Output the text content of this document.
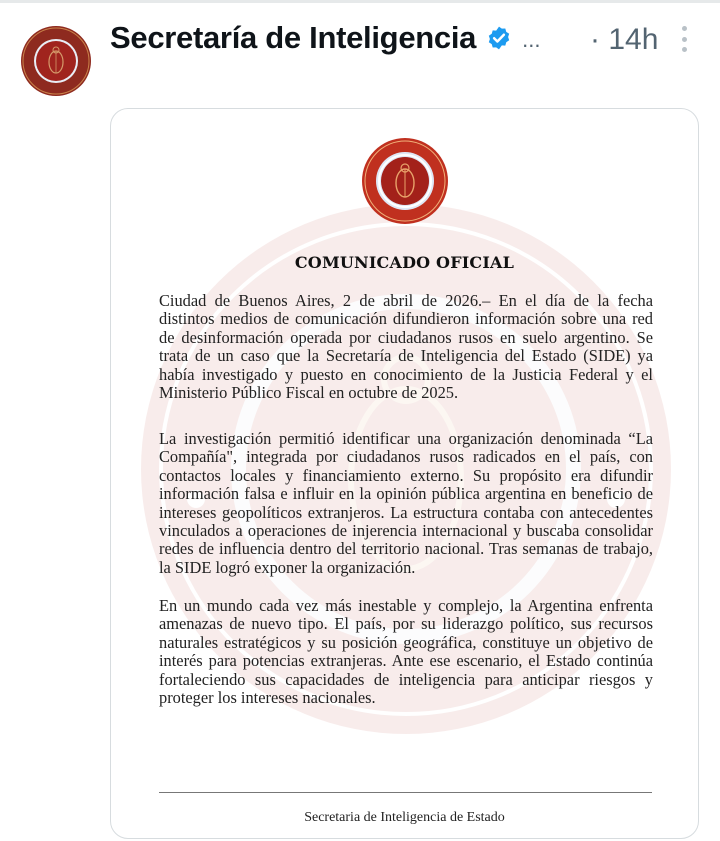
Secretaría de Inteligencia ... · 14h
COMUNICADO OFICIAL

Ciudad de Buenos Aires, 2 de abril de 2026.– En el día de la fecha distintos medios de comunicación difundieron información sobre una red de desinformación operada por ciudadanos rusos en suelo argentino. Se trata de un caso que la Secretaría de Inteligencia del Estado (SIDE) ya había investigado y puesto en conocimiento de la Justicia Federal y el Ministerio Público Fiscal en octubre de 2025.

La investigación permitió identificar una organización denominada “La Compañía", integrada por ciudadanos rusos radicados en el país, con contactos locales y financiamiento externo. Su propósito era difundir información falsa e influir en la opinión pública argentina en beneficio de intereses geopolíticos extranjeros. La estructura contaba con antecedentes vinculados a operaciones de injerencia internacional y buscaba consolidar redes de influencia dentro del territorio nacional. Tras semanas de trabajo, la SIDE logró exponer la organización.

En un mundo cada vez más inestable y complejo, la Argentina enfrenta amenazas de nuevo tipo. El país, por su liderazgo político, sus recursos naturales estratégicos y su posición geográfica, constituye un objetivo de interés para potencias extranjeras. Ante ese escenario, el Estado continúa fortaleciendo sus capacidades de inteligencia para anticipar riesgos y proteger los intereses nacionales.

Secretaria de Inteligencia de Estado
